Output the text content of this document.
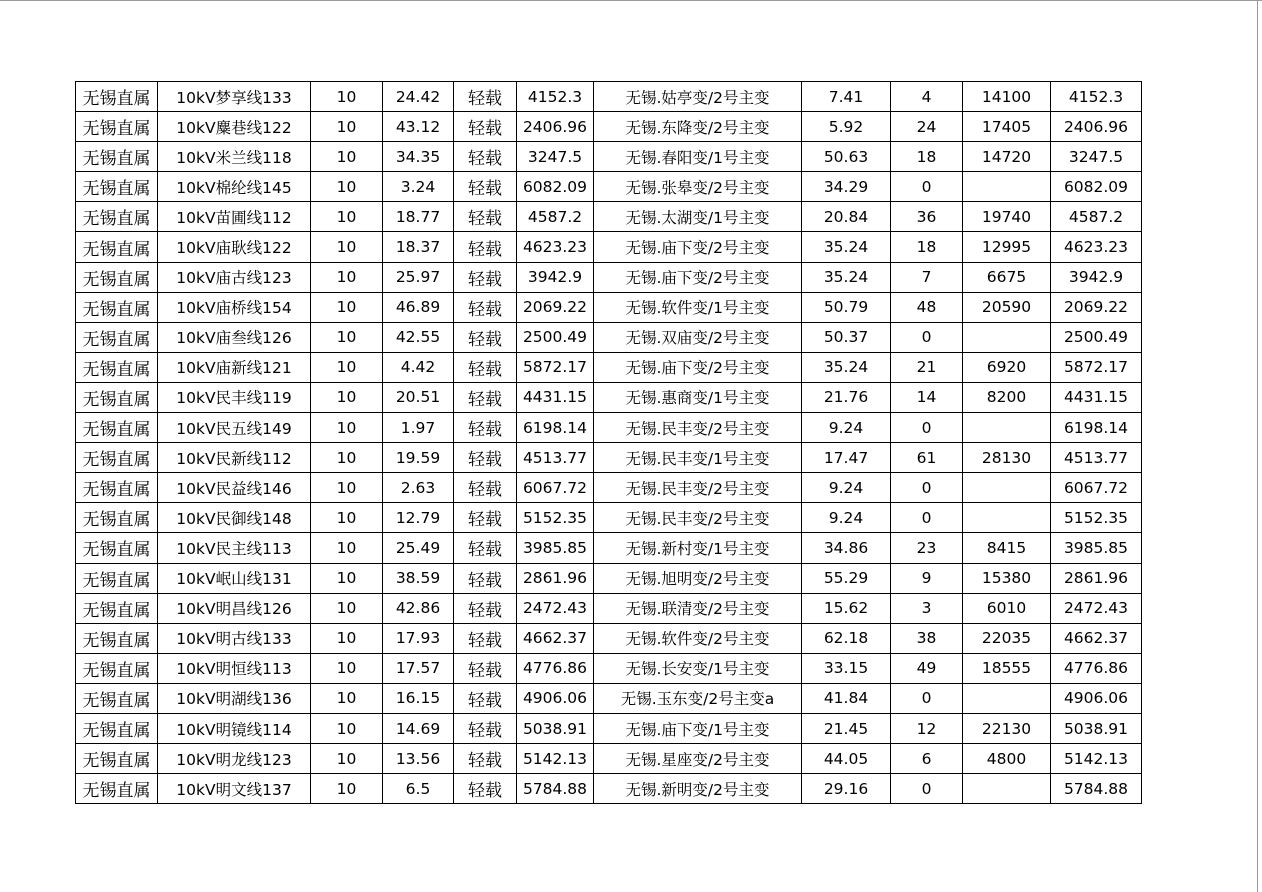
无锡直属	10kV梦享线133	10	24.42	轻载	4152.3	无锡.姑亭变/2号主变	7.41	4	14100	4152.3
无锡直属	10kV麋巷线122	10	43.12	轻载	2406.96	无锡.东降变/2号主变	5.92	24	17405	2406.96
无锡直属	10kV米兰线118	10	34.35	轻载	3247.5	无锡.春阳变/1号主变	50.63	18	14720	3247.5
无锡直属	10kV棉纶线145	10	3.24	轻载	6082.09	无锡.张皋变/2号主变	34.29	0		6082.09
无锡直属	10kV苗圃线112	10	18.77	轻载	4587.2	无锡.太湖变/1号主变	20.84	36	19740	4587.2
无锡直属	10kV庙耿线122	10	18.37	轻载	4623.23	无锡.庙下变/2号主变	35.24	18	12995	4623.23
无锡直属	10kV庙古线123	10	25.97	轻载	3942.9	无锡.庙下变/2号主变	35.24	7	6675	3942.9
无锡直属	10kV庙桥线154	10	46.89	轻载	2069.22	无锡.软件变/1号主变	50.79	48	20590	2069.22
无锡直属	10kV庙叁线126	10	42.55	轻载	2500.49	无锡.双庙变/2号主变	50.37	0		2500.49
无锡直属	10kV庙新线121	10	4.42	轻载	5872.17	无锡.庙下变/2号主变	35.24	21	6920	5872.17
无锡直属	10kV民丰线119	10	20.51	轻载	4431.15	无锡.惠商变/1号主变	21.76	14	8200	4431.15
无锡直属	10kV民五线149	10	1.97	轻载	6198.14	无锡.民丰变/2号主变	9.24	0		6198.14
无锡直属	10kV民新线112	10	19.59	轻载	4513.77	无锡.民丰变/1号主变	17.47	61	28130	4513.77
无锡直属	10kV民益线146	10	2.63	轻载	6067.72	无锡.民丰变/2号主变	9.24	0		6067.72
无锡直属	10kV民御线148	10	12.79	轻载	5152.35	无锡.民丰变/2号主变	9.24	0		5152.35
无锡直属	10kV民主线113	10	25.49	轻载	3985.85	无锡.新村变/1号主变	34.86	23	8415	3985.85
无锡直属	10kV岷山线131	10	38.59	轻载	2861.96	无锡.旭明变/2号主变	55.29	9	15380	2861.96
无锡直属	10kV明昌线126	10	42.86	轻载	2472.43	无锡.联清变/2号主变	15.62	3	6010	2472.43
无锡直属	10kV明古线133	10	17.93	轻载	4662.37	无锡.软件变/2号主变	62.18	38	22035	4662.37
无锡直属	10kV明恒线113	10	17.57	轻载	4776.86	无锡.长安变/1号主变	33.15	49	18555	4776.86
无锡直属	10kV明湖线136	10	16.15	轻载	4906.06	无锡.玉东变/2号主变a	41.84	0		4906.06
无锡直属	10kV明镜线114	10	14.69	轻载	5038.91	无锡.庙下变/1号主变	21.45	12	22130	5038.91
无锡直属	10kV明龙线123	10	13.56	轻载	5142.13	无锡.星座变/2号主变	44.05	6	4800	5142.13
无锡直属	10kV明文线137	10	6.5	轻载	5784.88	无锡.新明变/2号主变	29.16	0		5784.88
